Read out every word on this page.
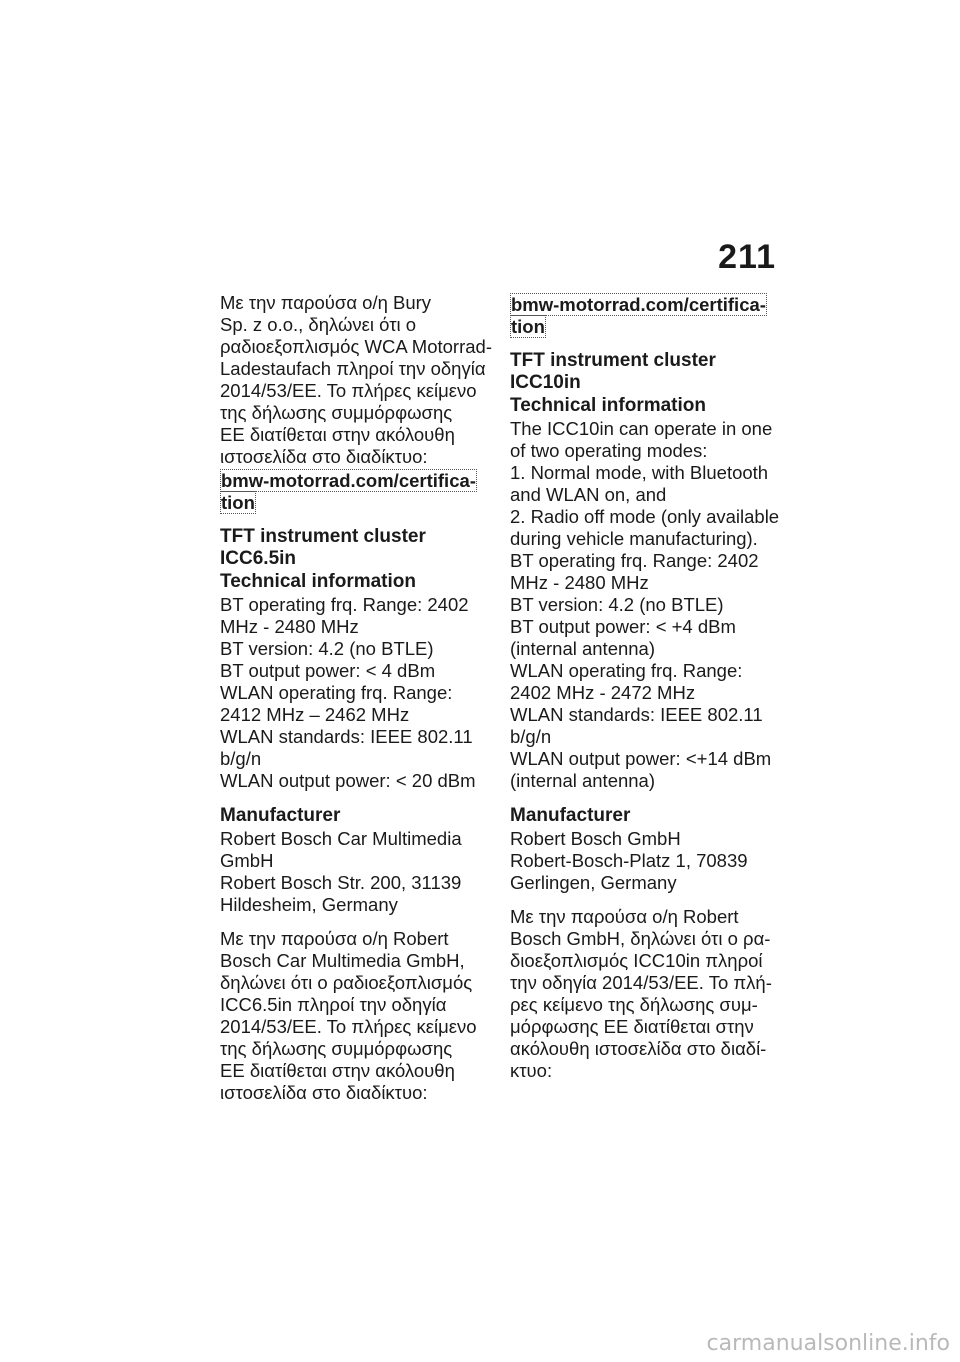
211

Με την παρούσα ο/η Bury

Sp. z o.o., δηλώνει ότι ο

ραδιοεξοπλισμός WCA Motorrad-

Ladestaufach πληροί την οδηγία

2014/53/ΕΕ. Το πλήρες κείμενο

της δήλωσης συμμόρφωσης

ΕΕ διατίθεται στην ακόλουθη

ιστοσελίδα στο διαδίκτυο:

bmw-motorrad.com/certifica-
tion
TFT instrument cluster
ICC6.5in
Technical information

BT operating frq. Range: 2402

MHz - 2480 MHz

BT version: 4.2 (no BTLE)

BT output power: < 4 dBm

WLAN operating frq. Range:

2412 MHz – 2462 MHz

WLAN standards: IEEE 802.11

b/g/n

WLAN output power: < 20 dBm

Manufacturer

Robert Bosch Car Multimedia

GmbH

Robert Bosch Str. 200, 31139

Hildesheim, Germany

Με την παρούσα ο/η Robert

Bosch Car Multimedia GmbH,

δηλώνει ότι ο ραδιοεξοπλισμός

ICC6.5in πληροί την οδηγία

2014/53/ΕΕ. Το πλήρες κείμενο

της δήλωσης συμμόρφωσης

ΕΕ διατίθεται στην ακόλουθη

ιστοσελίδα στο διαδίκτυο:

bmw-motorrad.com/certifica-
tion
TFT instrument cluster
ICC10in
Technical information

The ICC10in can operate in one

of two operating modes:

1. Normal mode, with Bluetooth

and WLAN on, and

2. Radio off mode (only available

during vehicle manufacturing).

BT operating frq. Range: 2402

MHz - 2480 MHz

BT version: 4.2 (no BTLE)

BT output power: < +4 dBm

(internal antenna)

WLAN operating frq. Range:

2402 MHz - 2472 MHz

WLAN standards: IEEE 802.11

b/g/n

WLAN output power: <+14 dBm

(internal antenna)

Manufacturer

Robert Bosch GmbH

Robert-Bosch-Platz 1, 70839

Gerlingen, Germany

Με την παρούσα ο/η Robert

Bosch GmbH, δηλώνει ότι ο ρα-

διοεξοπλισμός ICC10in πληροί

την οδηγία 2014/53/ΕΕ. Το πλή-

ρες κείμενο της δήλωσης συμ-

μόρφωσης ΕΕ διατίθεται στην

ακόλουθη ιστοσελίδα στο διαδί-

κτυο:

carmanualsonline.info
